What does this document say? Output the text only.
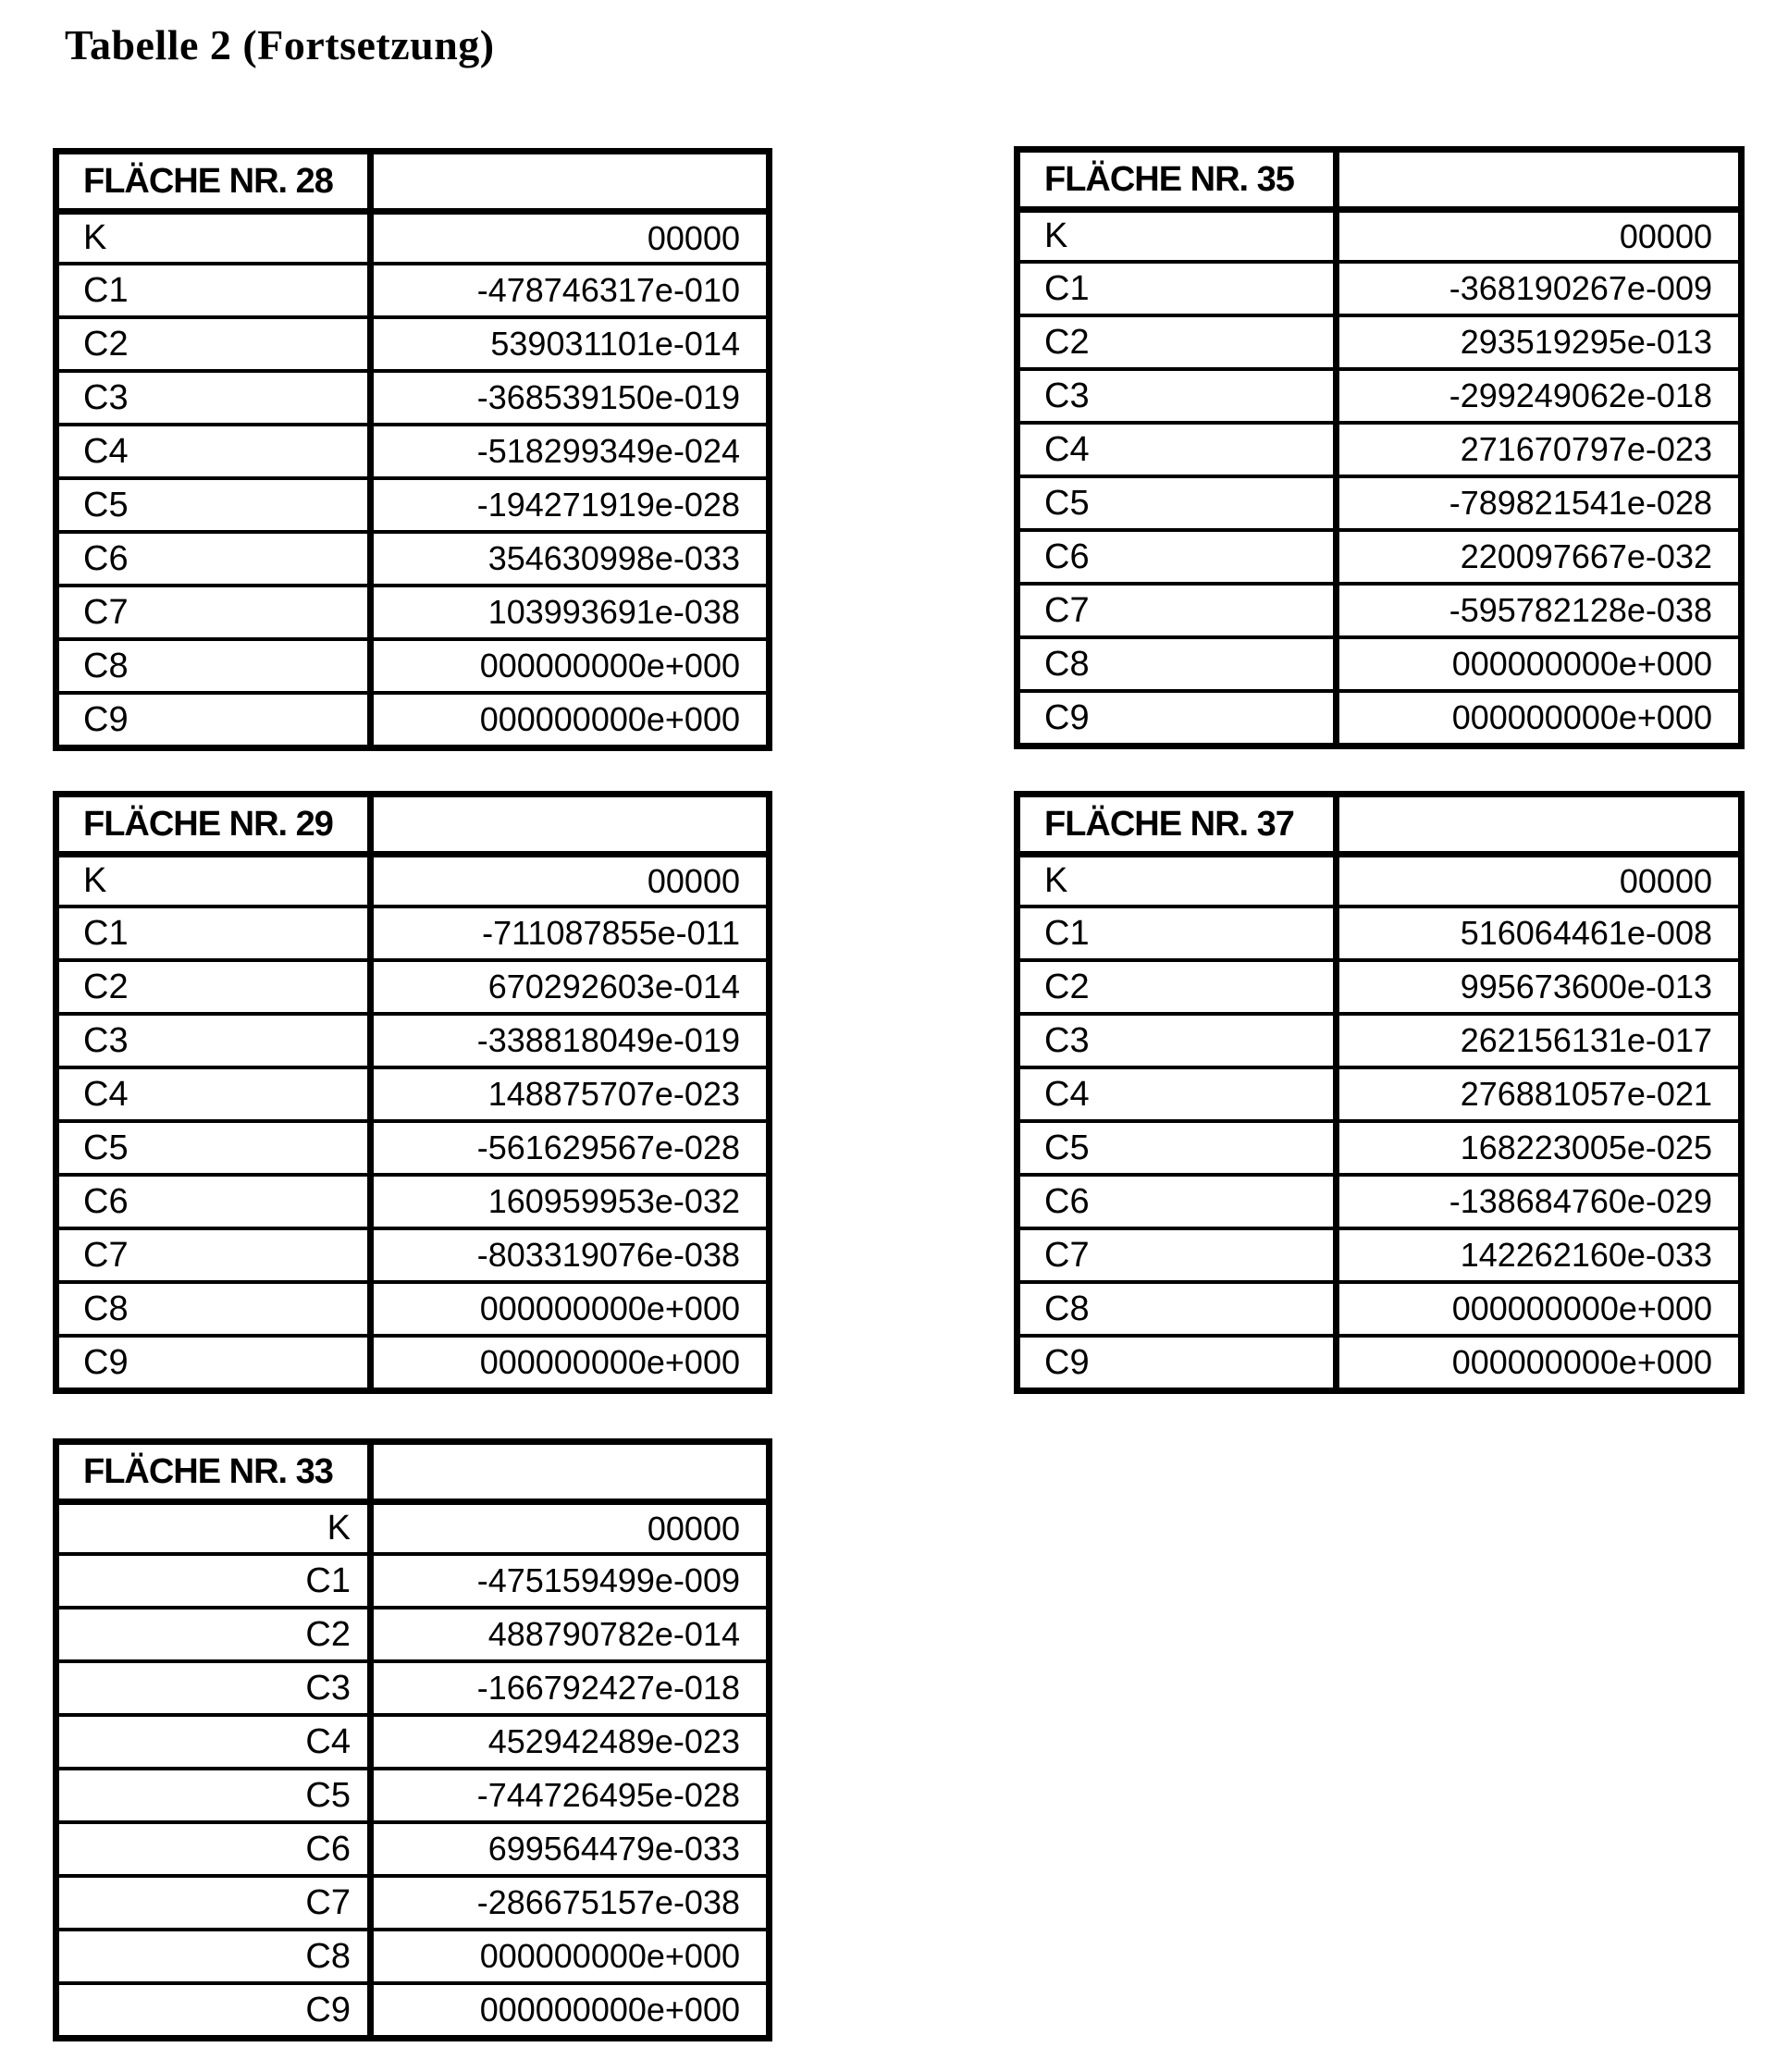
Tabelle 2 (Fortsetzung)
FLÄCHE NR. 28
K	00000
C1	-478746317e-010
C2	539031101e-014
C3	-368539150e-019
C4	-518299349e-024
C5	-194271919e-028
C6	354630998e-033
C7	103993691e-038
C8	000000000e+000
C9	000000000e+000
FLÄCHE NR. 29
K	00000
C1	-711087855e-011
C2	670292603e-014
C3	-338818049e-019
C4	148875707e-023
C5	-561629567e-028
C6	160959953e-032
C7	-803319076e-038
C8	000000000e+000
C9	000000000e+000
FLÄCHE NR. 33
K	00000
C1	-475159499e-009
C2	488790782e-014
C3	-166792427e-018
C4	452942489e-023
C5	-744726495e-028
C6	699564479e-033
C7	-286675157e-038
C8	000000000e+000
C9	000000000e+000
FLÄCHE NR. 35
K	00000
C1	-368190267e-009
C2	293519295e-013
C3	-299249062e-018
C4	271670797e-023
C5	-789821541e-028
C6	220097667e-032
C7	-595782128e-038
C8	000000000e+000
C9	000000000e+000
FLÄCHE NR. 37
K	00000
C1	516064461e-008
C2	995673600e-013
C3	262156131e-017
C4	276881057e-021
C5	168223005e-025
C6	-138684760e-029
C7	142262160e-033
C8	000000000e+000
C9	000000000e+000
